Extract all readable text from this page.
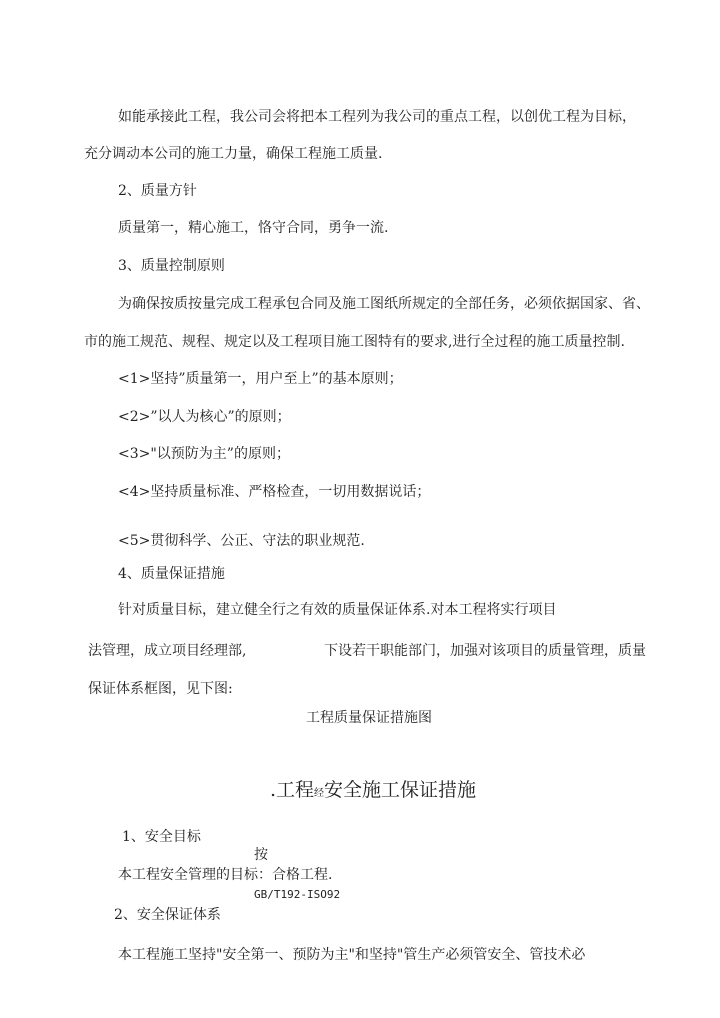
如能承接此工程，我公司会将把本工程列为我公司的重点工程，以创优工程为目标，
充分调动本公司的施工力量，确保工程施工质量.
2、质量方针
质量第一，精心施工，恪守合同，勇争一流.
3、质量控制原则
为确保按质按量完成工程承包合同及施工图纸所规定的全部任务，必须依据国家、省、
市的施工规范、规程、规定以及工程项目施工图特有的要求,进行全过程的施工质量控制.
<1>坚持”质量第一，用户至上”的基本原则；
<2>”以人为核心”的原则；
<3>"以预防为主”的原则；
<4>坚持质量标准、严格检查，一切用数据说话；
<5>贯彻科学、公正、守法的职业规范.
4、质量保证措施
针对质量目标，建立健全行之有效的质量保证体系.对本工程将实行项目
法管理，成立项目经理部,	下设若干职能部门，加强对该项目的质量管理，质量
保证体系框图，见下图:
工程质量保证措施图
.工程经安全施工保证措施
1、安全目标
按
本工程安全管理的目标：合格工程.
GB/T192-ISO92
2、安全保证体系
本工程施工坚持"安全第一、预防为主"和坚持"管生产必须管安全、管技术必
